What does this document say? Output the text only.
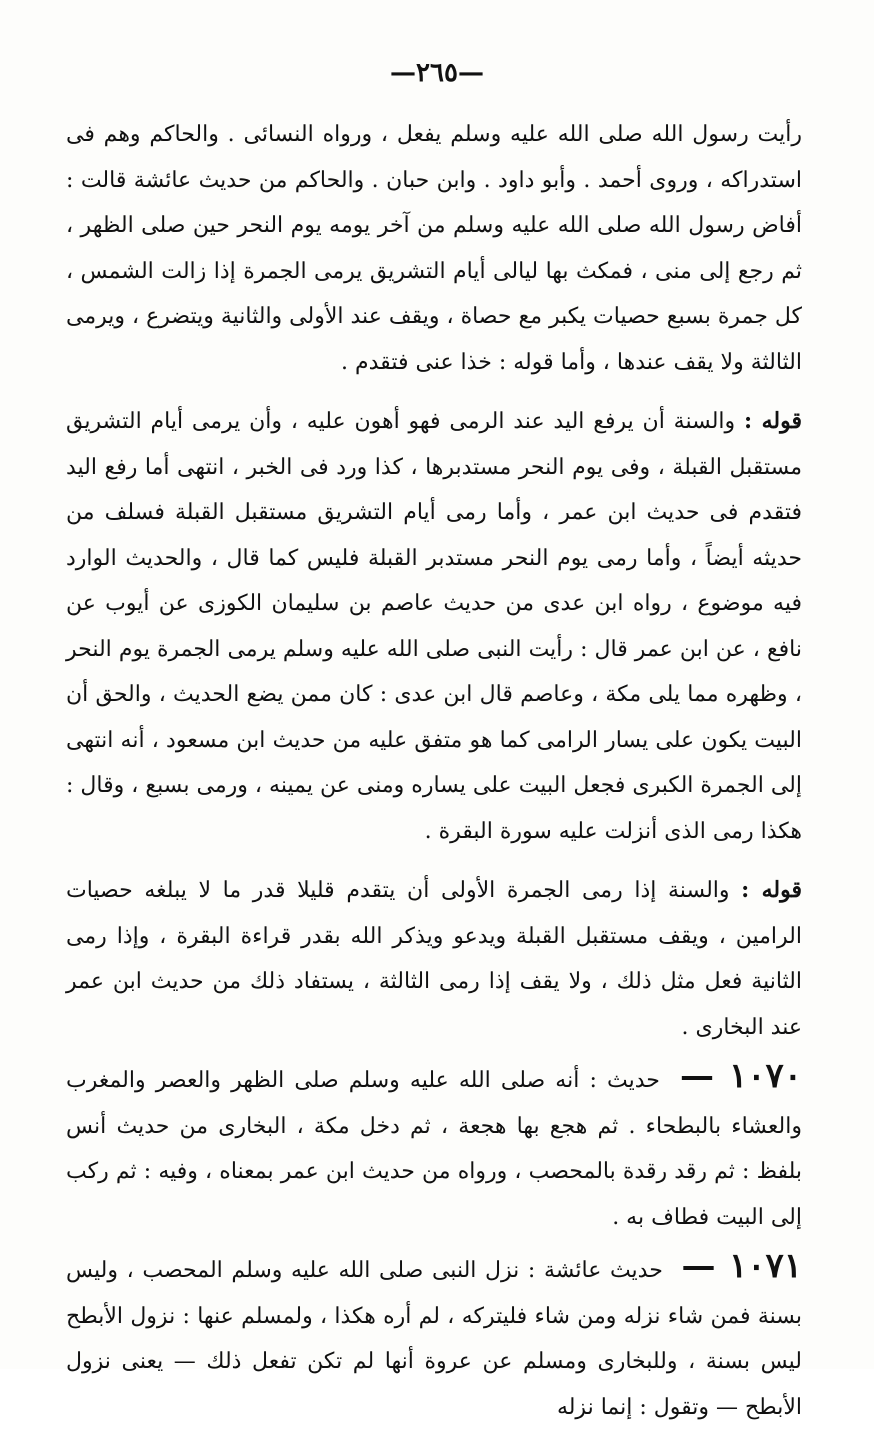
—٢٦٥—

رأيت رسول الله صلى الله عليه وسلم يفعل ، ورواه النسائى . والحاكم وهم فى استدراكه ، وروى أحمد . وأبو داود . وابن حبان . والحاكم من حديث عائشة قالت : أفاض رسول الله صلى الله عليه وسلم من آخر يومه يوم النحر حين صلى الظهر ، ثم رجع إلى منى ، فمكث بها ليالى أيام التشريق يرمى الجمرة إذا زالت الشمس ، كل جمرة بسبع حصيات يكبر مع حصاة ، ويقف عند الأولى والثانية ويتضرع ، ويرمى الثالثة ولا يقف عندها ، وأما قوله : خذا عنى فتقدم .

قوله : والسنة أن يرفع اليد عند الرمى فهو أهون عليه ، وأن يرمى أيام التشريق مستقبل القبلة ، وفى يوم النحر مستدبرها ، كذا ورد فى الخبر ، انتهى أما رفع اليد فتقدم فى حديث ابن عمر ، وأما رمى أيام التشريق مستقبل القبلة فسلف من حديثه أيضاً ، وأما رمى يوم النحر مستدبر القبلة فليس كما قال ، والحديث الوارد فيه موضوع ، رواه ابن عدى من حديث عاصم بن سليمان الكوزى عن أيوب عن نافع ، عن ابن عمر قال : رأيت النبى صلى الله عليه وسلم يرمى الجمرة يوم النحر ، وظهره مما يلى مكة ، وعاصم قال ابن عدى : كان ممن يضع الحديث ، والحق أن البيت يكون على يسار الرامى كما هو متفق عليه من حديث ابن مسعود ، أنه انتهى إلى الجمرة الكبرى فجعل البيت على يساره ومنى عن يمينه ، ورمى بسبع ، وقال : هكذا رمى الذى أنزلت عليه سورة البقرة .

قوله : والسنة إذا رمى الجمرة الأولى أن يتقدم قليلا قدر ما لا يبلغه حصيات الرامين ، ويقف مستقبل القبلة ويدعو ويذكر الله بقدر قراءة البقرة ، وإذا رمى الثانية فعل مثل ذلك ، ولا يقف إذا رمى الثالثة ، يستفاد ذلك من حديث ابن عمر عند البخارى .

١٠٧٠ — حديث : أنه صلى الله عليه وسلم صلى الظهر والعصر والمغرب والعشاء بالبطحاء . ثم هجع بها هجعة ، ثم دخل مكة ، البخارى من حديث أنس بلفظ : ثم رقد رقدة بالمحصب ، ورواه من حديث ابن عمر بمعناه ، وفيه : ثم ركب إلى البيت فطاف به .

١٠٧١ — حديث عائشة : نزل النبى صلى الله عليه وسلم المحصب ، وليس بسنة فمن شاء نزله ومن شاء فليتركه ، لم أره هكذا ، ولمسلم عنها : نزول الأبطح ليس بسنة ، وللبخارى ومسلم عن عروة أنها لم تكن تفعل ذلك — يعنى نزول الأبطح — وتقول : إنما نزله
